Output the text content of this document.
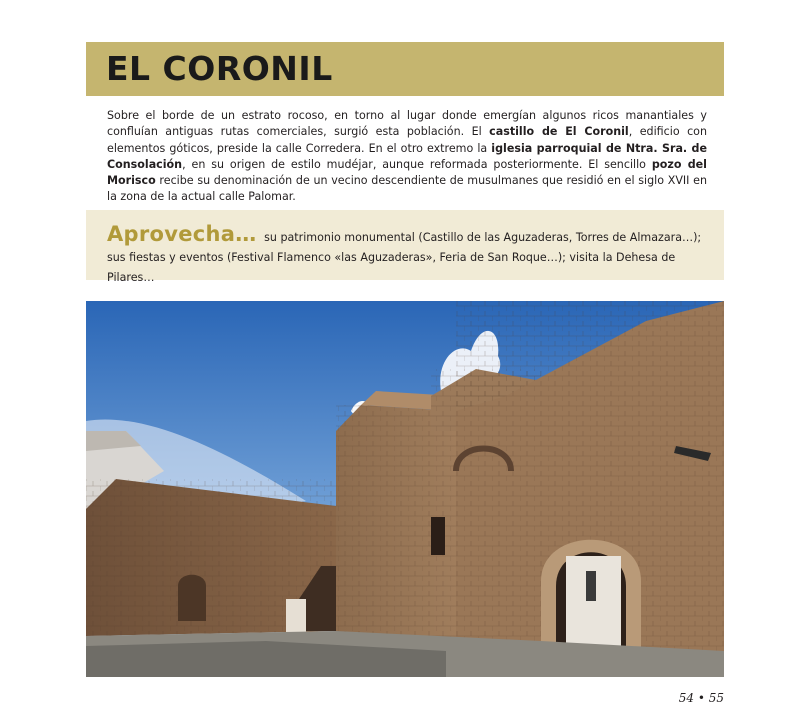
EL CORONIL
Sobre el borde de un estrato rocoso, en torno al lugar donde emergían algunos ricos manantiales y confluían antiguas rutas comerciales, surgió esta población. El castillo de El Coronil, edificio con elementos góticos, preside la calle Corredera. En el otro extremo la iglesia parroquial de Ntra. Sra. de Consolación, en su origen de estilo mudéjar, aunque reformada posteriormente. El sencillo pozo del Morisco recibe su denominación de un vecino descendiente de musulmanes que residió en el siglo XVII en la zona de la actual calle Palomar.
Aprovecha… su patrimonio monumental (Castillo de las Aguzaderas, Torres de Almazara…); sus fiestas y eventos (Festival Flamenco «las Aguzaderas», Feria de San Roque…); visita la Dehesa de Pilares…
54 • 55
